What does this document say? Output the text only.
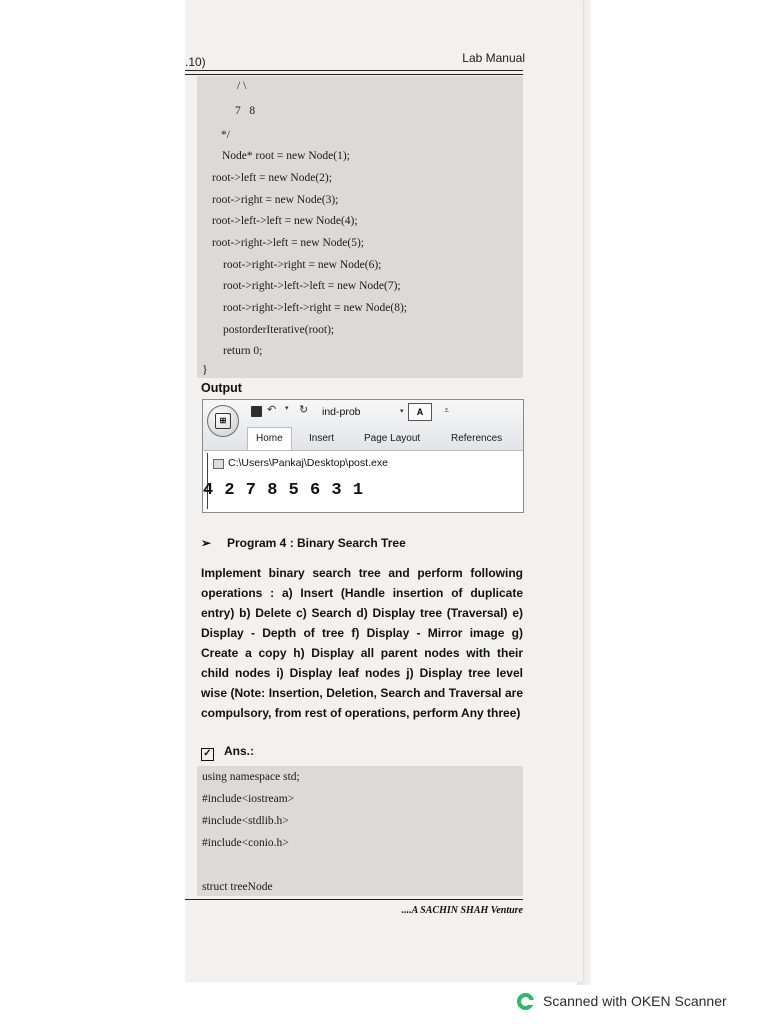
.10)	Lab Manual
/ \
7   8
*/
Node* root = new Node(1);
root->left = new Node(2);
root->right = new Node(3);
root->left->left = new Node(4);
root->right->left = new Node(5);
root->right->right = new Node(6);
root->right->left->left = new Node(7);
root->right->left->right = new Node(8);
postorderIterative(root);
return 0;
}
Output
⊞
↶ ▾ ↻ ind-prob	▾	A	⩡
Home	Insert	Page Layout	References
C:\Users\Pankaj\Desktop\post.exe
4 2 7 8 5 6 3 1
➢ Program 4 : Binary Search Tree
Implement binary search tree and perform following operations : a) Insert (Handle insertion of duplicate entry) b) Delete c) Search d) Display tree (Traversal) e) Display - Depth of tree f) Display - Mirror image g) Create a copy h) Display all parent nodes with their child nodes i) Display leaf nodes j) Display tree level wise (Note: Insertion, Deletion, Search and Traversal are compulsory, from rest of operations, perform Any three)
✓ Ans.:
using namespace std;
#include<iostream>
#include<stdlib.h>
#include<conio.h>
struct treeNode
....A SACHIN SHAH Venture
Scanned with OKEN Scanner
